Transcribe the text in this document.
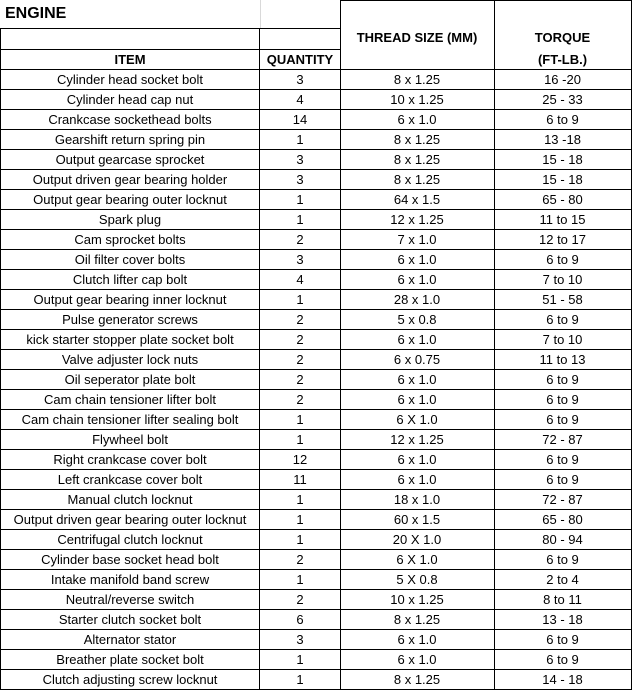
ENGINE
THREAD SIZE (MM)	TORQUE
ITEM	QUANTITY	(FT-LB.)
Cylinder head socket bolt	3	8 x 1.25	16 -20
Cylinder head cap nut	4	10 x 1.25	25 - 33
Crankcase sockethead bolts	14	6 x 1.0	6 to 9
Gearshift return spring pin	1	8 x 1.25	13 -18
Output gearcase sprocket	3	8 x 1.25	15 - 18
Output driven gear bearing holder	3	8 x 1.25	15 - 18
Output gear bearing outer locknut	1	64 x 1.5	65 - 80
Spark plug	1	12 x 1.25	11 to 15
Cam sprocket bolts	2	7 x 1.0	12 to 17
Oil filter cover bolts	3	6 x 1.0	6 to 9
Clutch lifter cap bolt	4	6 x 1.0	7 to 10
Output gear bearing inner locknut	1	28 x 1.0	51 - 58
Pulse generator screws	2	5 x 0.8	6 to 9
kick starter stopper plate socket bolt	2	6 x 1.0	7 to 10
Valve adjuster lock nuts	2	6 x 0.75	11 to 13
Oil seperator plate bolt	2	6 x 1.0	6 to 9
Cam chain tensioner lifter bolt	2	6 x 1.0	6 to 9
Cam chain tensioner lifter sealing bolt	1	6 X 1.0	6 to 9
Flywheel bolt	1	12 x 1.25	72 - 87
Right crankcase cover bolt	12	6 x 1.0	6 to 9
Left crankcase cover bolt	11	6 x 1.0	6 to 9
Manual clutch locknut	1	18 x 1.0	72 - 87
Output driven gear bearing outer locknut	1	60 x 1.5	65 - 80
Centrifugal clutch locknut	1	20 X 1.0	80 - 94
Cylinder base socket head bolt	2	6 X 1.0	6 to 9
Intake manifold band screw	1	5 X 0.8	2 to 4
Neutral/reverse switch	2	10 x 1.25	8 to 11
Starter clutch socket bolt	6	8 x 1.25	13 - 18
Alternator stator	3	6 x 1.0	6 to 9
Breather plate socket bolt	1	6 x 1.0	6 to 9
Clutch adjusting screw locknut	1	8 x 1.25	14 - 18
